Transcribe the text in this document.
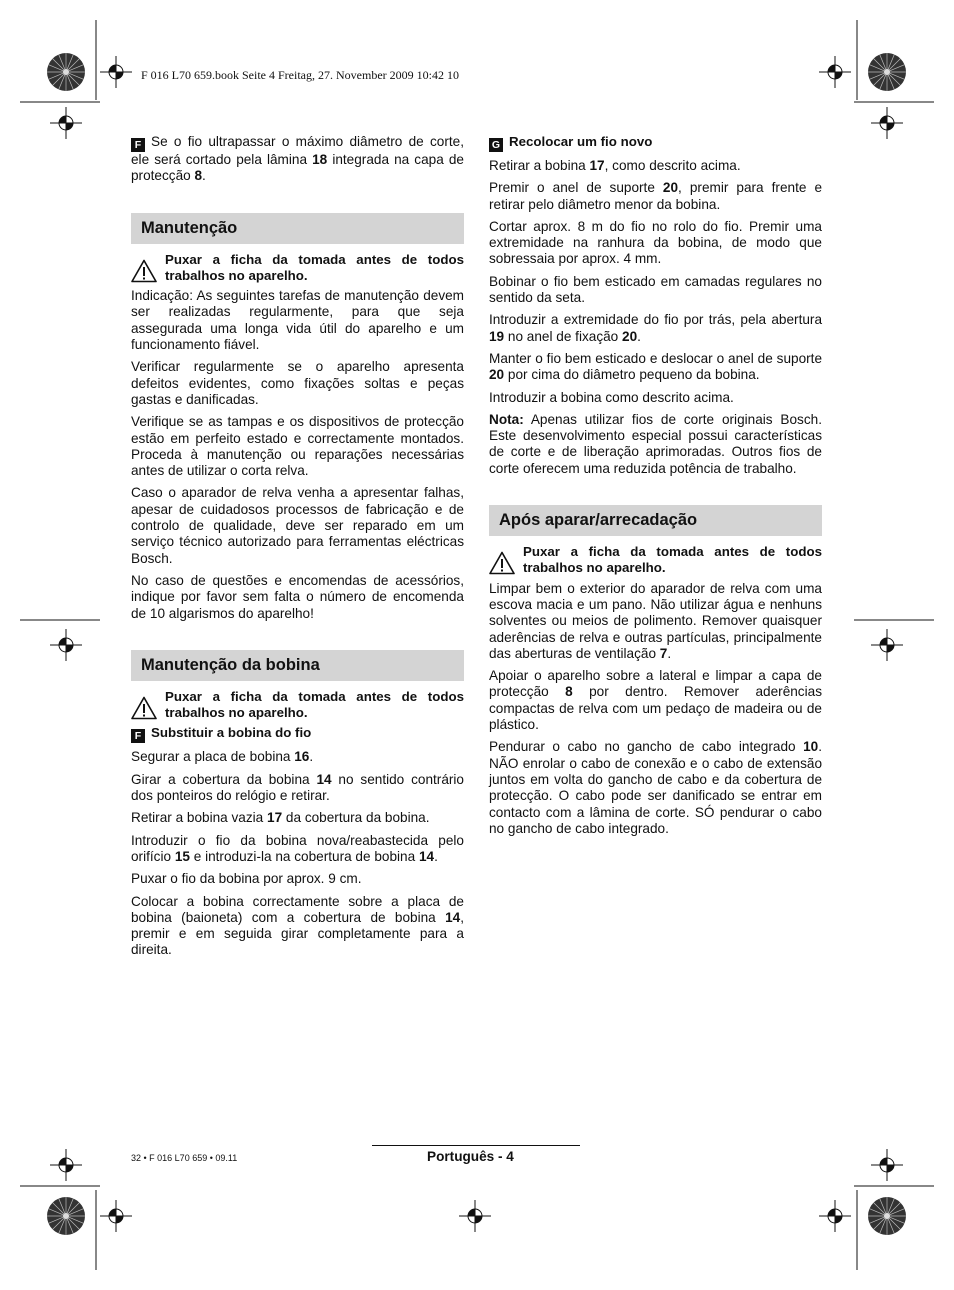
F 016 L70 659.book Seite 4 Freitag, 27. November 2009 10:42 10

F Se o fio ultrapassar o máximo diâmetro de corte, ele será cortado pela lâmina 18 integrada na capa de protecção 8.

Manutenção
Puxar a ficha da tomada antes de todos trabalhos no aparelho.

Indicação: As seguintes tarefas de manutenção devem ser realizadas regularmente, para que seja assegurada uma longa vida útil do aparelho e um funcionamento fiável.

Verificar regularmente se o aparelho apresenta defeitos evidentes, como fixações soltas e peças gastas e danificadas.

Verifique se as tampas e os dispositivos de protecção estão em perfeito estado e correctamente montados. Proceda à manutenção ou reparações necessárias antes de utilizar o corta relva.

Caso o aparador de relva venha a apresentar falhas, apesar de cuidadosos processos de fabricação e de controlo de qualidade, deve ser reparado em um serviço técnico autorizado para ferramentas eléctricas Bosch.

No caso de questões e encomendas de acessórios, indique por favor sem falta o número de encomenda de 10 algarismos do aparelho!

Manutenção da bobina
Puxar a ficha da tomada antes de todos trabalhos no aparelho.
F Substituir a bobina do fio

Segurar a placa de bobina 16.

Girar a cobertura da bobina 14 no sentido contrário dos ponteiros do relógio e retirar.

Retirar a bobina vazia 17 da cobertura da bobina.

Introduzir o fio da bobina nova/reabastecida pelo orifício 15 e introduzi-la na cobertura de bobina 14.

Puxar o fio da bobina por aprox. 9 cm.

Colocar a bobina correctamente sobre a placa de bobina (baioneta) com a cobertura de bobina 14, premir e em seguida girar completamente para a direita.

G Recolocar um fio novo

Retirar a bobina 17, como descrito acima.

Premir o anel de suporte 20, premir para frente e retirar pelo diâmetro menor da bobina.

Cortar aprox. 8 m do fio no rolo do fio. Premir uma extremidade na ranhura da bobina, de modo que sobressaia por aprox. 4 mm.

Bobinar o fio bem esticado em camadas regulares no sentido da seta.

Introduzir a extremidade do fio por trás, pela abertura 19 no anel de fixação 20.

Manter o fio bem esticado e deslocar o anel de suporte 20 por cima do diâmetro pequeno da bobina.

Introduzir a bobina como descrito acima.

Nota: Apenas utilizar fios de corte originais Bosch. Este desenvolvimento especial possui características de corte e de liberação aprimoradas. Outros fios de corte oferecem uma reduzida potência de trabalho.

Após aparar/arrecadação
Puxar a ficha da tomada antes de todos trabalhos no aparelho.

Limpar bem o exterior do aparador de relva com uma escova macia e um pano. Não utilizar água e nenhuns solventes ou meios de polimento. Remover quaisquer aderências de relva e outras partículas, principalmente das aberturas de ventilação 7.

Apoiar o aparelho sobre a lateral e limpar a capa de protecção 8 por dentro. Remover aderências compactas de relva com um pedaço de madeira ou de plástico.

Pendurar o cabo no gancho de cabo integrado 10. NÃO enrolar o cabo de conexão e o cabo de extensão juntos em volta do gancho de cabo e da cobertura de protecção. O cabo pode ser danificado se entrar em contacto com a lâmina de corte. SÓ pendurar o cabo no gancho de cabo integrado.

32 • F 016 L70 659 • 09.11	Português - 4
